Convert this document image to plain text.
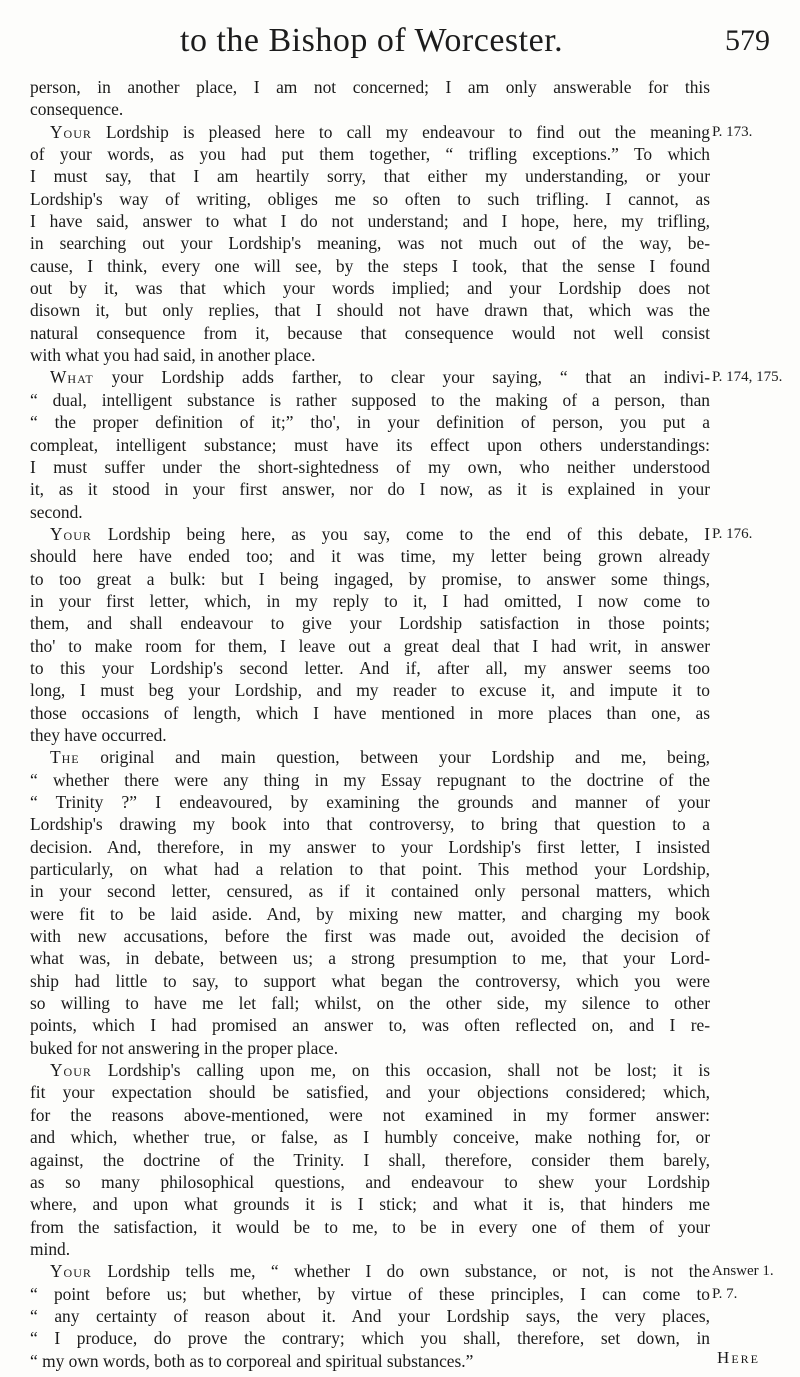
to the Bishop of Worcester.	579
person, in another place, I am not concerned; I am only answerable for this
consequence.
Your Lordship is pleased here to call my endeavour to find out the meaning
of your words, as you had put them together, “ trifling exceptions.” To which
I must say, that I am heartily sorry, that either my understanding, or your
Lordship's way of writing, obliges me so often to such trifling. I cannot, as
I have said, answer to what I do not understand; and I hope, here, my trifling,
in searching out your Lordship's meaning, was not much out of the way, be-
cause, I think, every one will see, by the steps I took, that the sense I found
out by it, was that which your words implied; and your Lordship does not
disown it, but only replies, that I should not have drawn that, which was the
natural consequence from it, because that consequence would not well consist
with what you had said, in another place.
What your Lordship adds farther, to clear your saying, “ that an indivi-
“ dual, intelligent substance is rather supposed to the making of a person, than
“ the proper definition of it;” tho', in your definition of person, you put a
compleat, intelligent substance; must have its effect upon others understandings:
I must suffer under the short-sightedness of my own, who neither understood
it, as it stood in your first answer, nor do I now, as it is explained in your
second.
Your Lordship being here, as you say, come to the end of this debate, I
should here have ended too; and it was time, my letter being grown already
to too great a bulk: but I being ingaged, by promise, to answer some things,
in your first letter, which, in my reply to it, I had omitted, I now come to
them, and shall endeavour to give your Lordship satisfaction in those points;
tho' to make room for them, I leave out a great deal that I had writ, in answer
to this your Lordship's second letter. And if, after all, my answer seems too
long, I must beg your Lordship, and my reader to excuse it, and impute it to
those occasions of length, which I have mentioned in more places than one, as
they have occurred.
The original and main question, between your Lordship and me, being,
“ whether there were any thing in my Essay repugnant to the doctrine of the
“ Trinity ?” I endeavoured, by examining the grounds and manner of your
Lordship's drawing my book into that controversy, to bring that question to a
decision. And, therefore, in my answer to your Lordship's first letter, I insisted
particularly, on what had a relation to that point. This method your Lordship,
in your second letter, censured, as if it contained only personal matters, which
were fit to be laid aside. And, by mixing new matter, and charging my book
with new accusations, before the first was made out, avoided the decision of
what was, in debate, between us; a strong presumption to me, that your Lord-
ship had little to say, to support what began the controversy, which you were
so willing to have me let fall; whilst, on the other side, my silence to other
points, which I had promised an answer to, was often reflected on, and I re-
buked for not answering in the proper place.
Your Lordship's calling upon me, on this occasion, shall not be lost; it is
fit your expectation should be satisfied, and your objections considered; which,
for the reasons above-mentioned, were not examined in my former answer:
and which, whether true, or false, as I humbly conceive, make nothing for, or
against, the doctrine of the Trinity. I shall, therefore, consider them barely,
as so many philosophical questions, and endeavour to shew your Lordship
where, and upon what grounds it is I stick; and what it is, that hinders me
from the satisfaction, it would be to me, to be in every one of them of your
mind.
Your Lordship tells me, “ whether I do own substance, or not, is not the
“ point before us; but whether, by virtue of these principles, I can come to
“ any certainty of reason about it. And your Lordship says, the very places,
“ I produce, do prove the contrary; which you shall, therefore, set down, in
“ my own words, both as to corporeal and spiritual substances.”
P. 173.
P. 174, 175.
P. 176.
Answer 1.
P. 7.
Here
